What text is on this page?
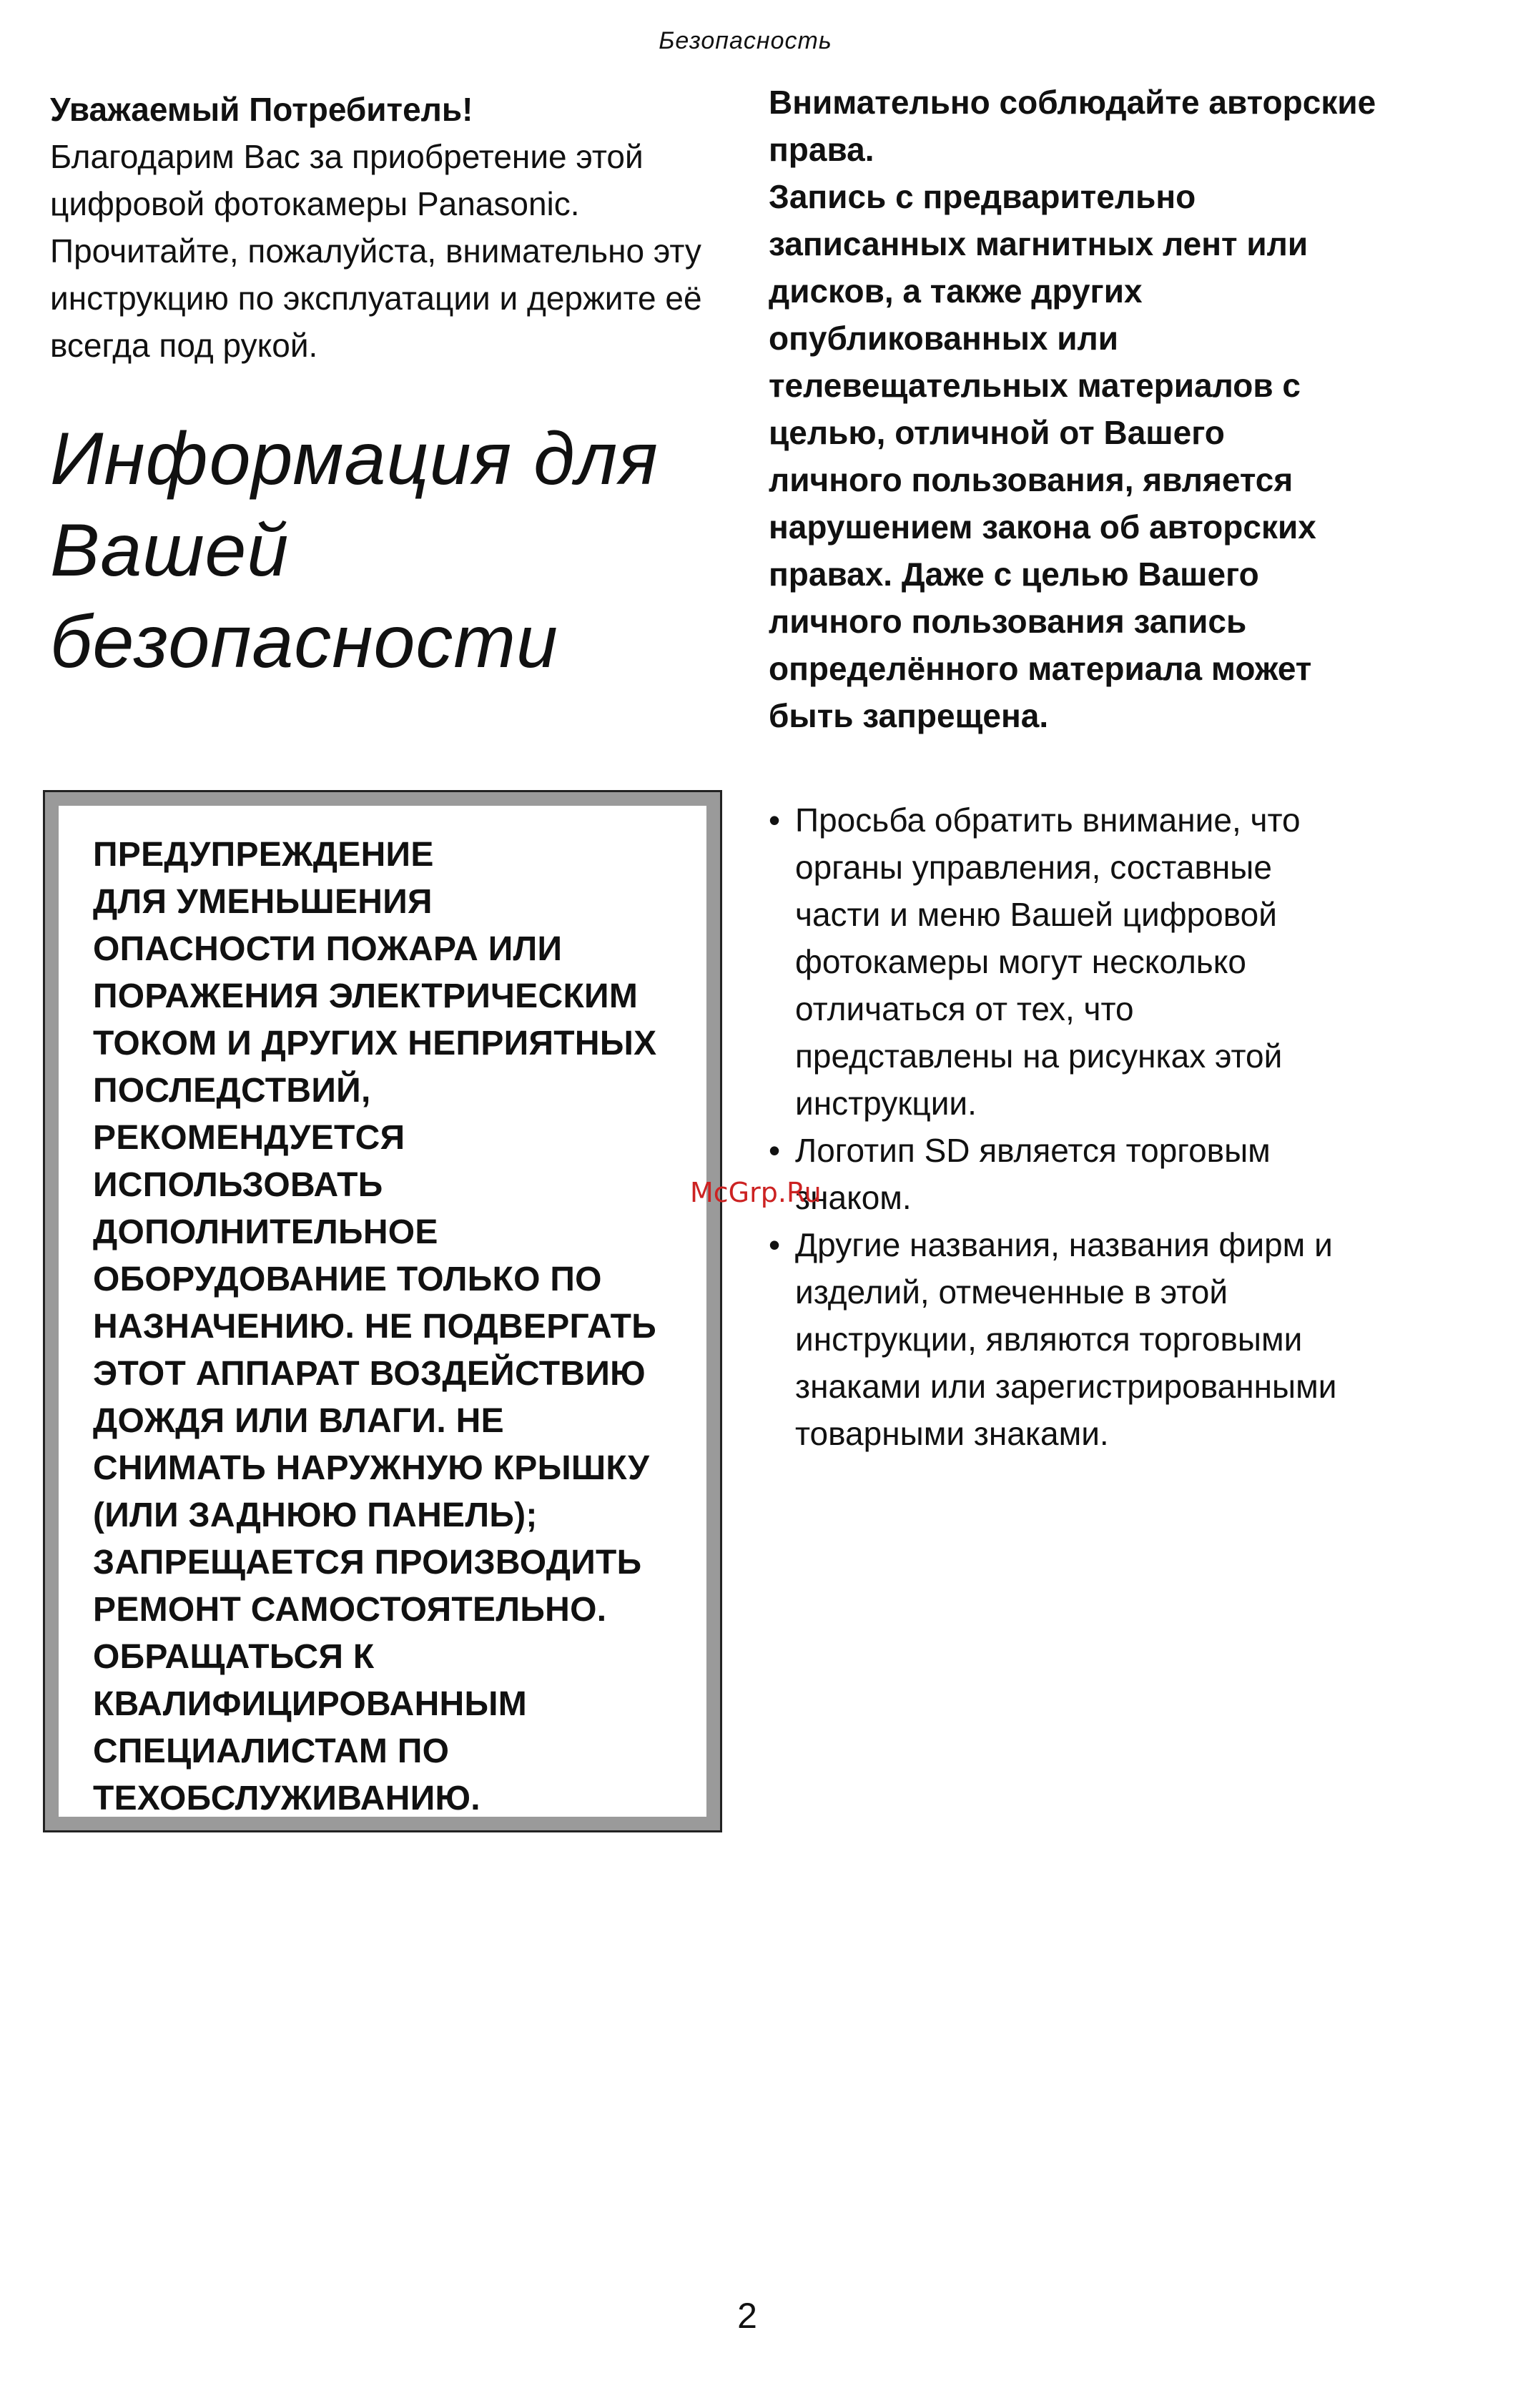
Безопасность

Уважаемый Потребитель!

Благодарим Вас за приобретение этой цифровой фотокамеры Panasonic. Прочитайте, пожалуйста, внимательно эту инструкцию по эксплуатации и держите её всегда под рукой.

Информация для
Вашей
безопасности

ПРЕДУПРЕЖДЕНИЕ
ДЛЯ УМЕНЬШЕНИЯ
ОПАСНОСТИ ПОЖАРА ИЛИ
ПОРАЖЕНИЯ ЭЛЕКТРИЧЕСКИМ
ТОКОМ И ДРУГИХ НЕПРИЯТНЫХ
ПОСЛЕДСТВИЙ,
РЕКОМЕНДУЕТСЯ
ИСПОЛЬЗОВАТЬ
ДОПОЛНИТЕЛЬНОЕ
ОБОРУДОВАНИЕ ТОЛЬКО ПО
НАЗНАЧЕНИЮ. НЕ ПОДВЕРГАТЬ
ЭТОТ АППАРАТ ВОЗДЕЙСТВИЮ
ДОЖДЯ ИЛИ ВЛАГИ. НЕ
СНИМАТЬ НАРУЖНУЮ КРЫШКУ
(ИЛИ ЗАДНЮЮ ПАНЕЛЬ);
ЗАПРЕЩАЕТСЯ ПРОИЗВОДИТЬ
РЕМОНТ САМОСТОЯТЕЛЬНО.
ОБРАЩАТЬСЯ К
КВАЛИФИЦИРОВАННЫМ
СПЕЦИАЛИСТАМ ПО
ТЕХОБСЛУЖИВАНИЮ.

Внимательно соблюдайте авторские
права.
Запись с предварительно
записанных магнитных лент или
дисков, а также других
опубликованных или
телевещательных материалов с
целью, отличной от Вашего
личного пользования, является
нарушением закона об авторских
правах. Даже с целью Вашего
личного пользования запись
определённого материала может
быть запрещена.

• Просьба обратить внимание, что
органы управления, составные
части и меню Вашей цифровой
фотокамеры могут несколько
отличаться от тех, что
представлены на рисунках этой
инструкции.
• Логотип SD является торговым
знаком.
• Другие названия, названия фирм и
изделий, отмеченные в этой
инструкции, являются торговыми
знаками или зарегистрированными
товарными знаками.
McGrp.Ru
2
